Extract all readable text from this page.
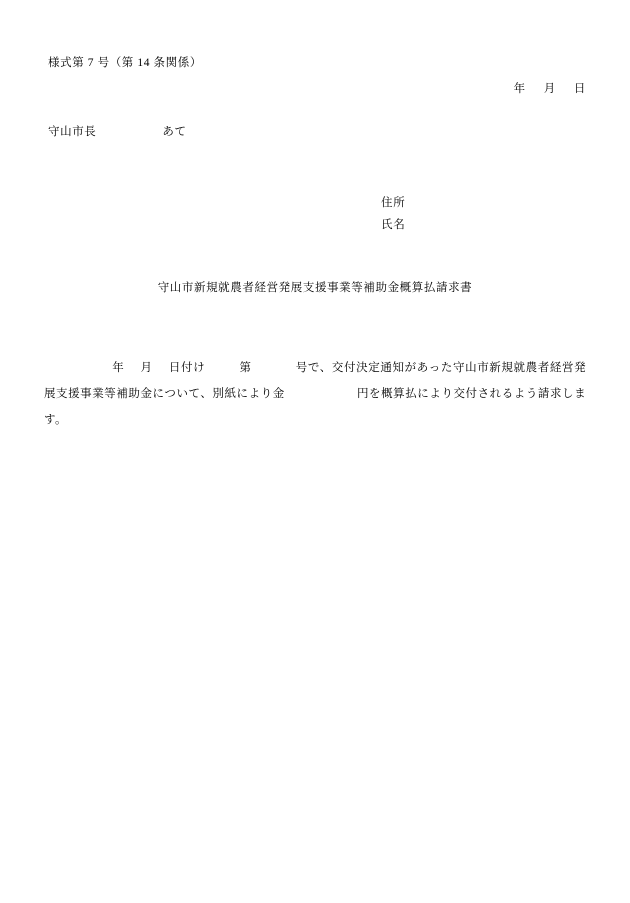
様式第 7 号（第 14 条関係）
年 月 日
守山市長	あて
住所
氏名
守山市新規就農者経営発展支援事業等補助金概算払請求書
年 月 日付け	第	号で、交付決定通知があった守山市新規就農者経営発展支援事業等補助金について、別紙により金	円を概算払により交付されるよう請求します。
